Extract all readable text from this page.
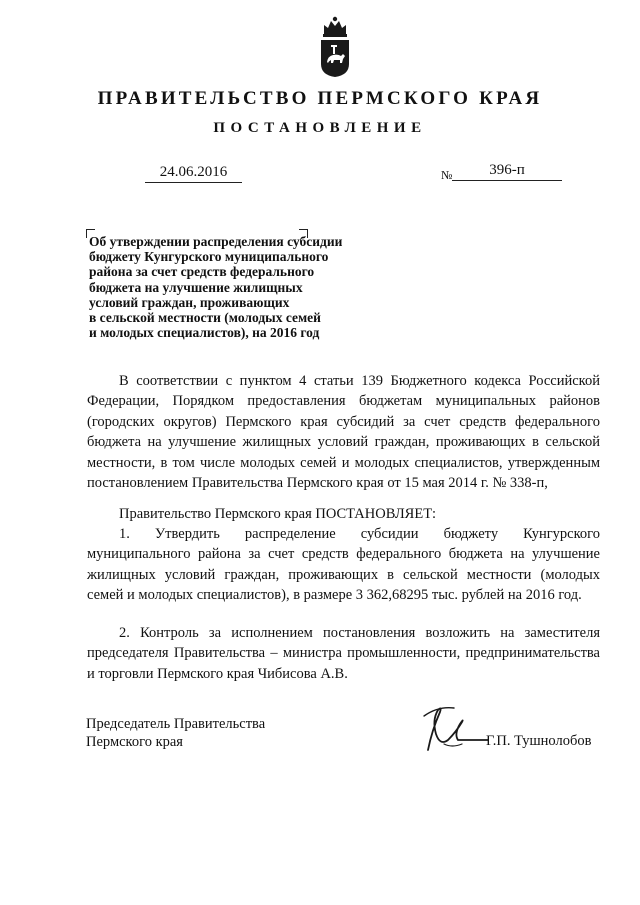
ПРАВИТЕЛЬСТВО ПЕРМСКОГО КРАЯ
ПОСТАНОВЛЕНИЕ
24.06.2016	№	396-п
Об утверждении распределения субсидии
бюджету Кунгурского муниципального
района за счет средств федерального
бюджета на улучшение жилищных
условий граждан, проживающих
в сельской местности (молодых семей
и молодых специалистов), на 2016 год
В соответствии с пунктом 4 статьи 139 Бюджетного кодекса Российской Федерации, Порядком предоставления бюджетам муниципальных районов (городских округов) Пермского края субсидий за счет средств федерального бюджета на улучшение жилищных условий граждан, проживающих в сельской местности, в том числе молодых семей и молодых специалистов, утвержденным постановлением Правительства Пермского края от 15 мая 2014 г. № 338-п,
Правительство Пермского края ПОСТАНОВЛЯЕТ:
1. Утвердить распределение субсидии бюджету Кунгурского муниципального района за счет средств федерального бюджета на улучшение жилищных условий граждан, проживающих в сельской местности (молодых семей и молодых специалистов), в размере 3 362,68295 тыс. рублей на 2016 год.
2. Контроль за исполнением постановления возложить на заместителя председателя Правительства – министра промышленности, предпринимательства и торговли Пермского края Чибисова А.В.
Председатель Правительства
Пермского края	Г.П. Тушнолобов
